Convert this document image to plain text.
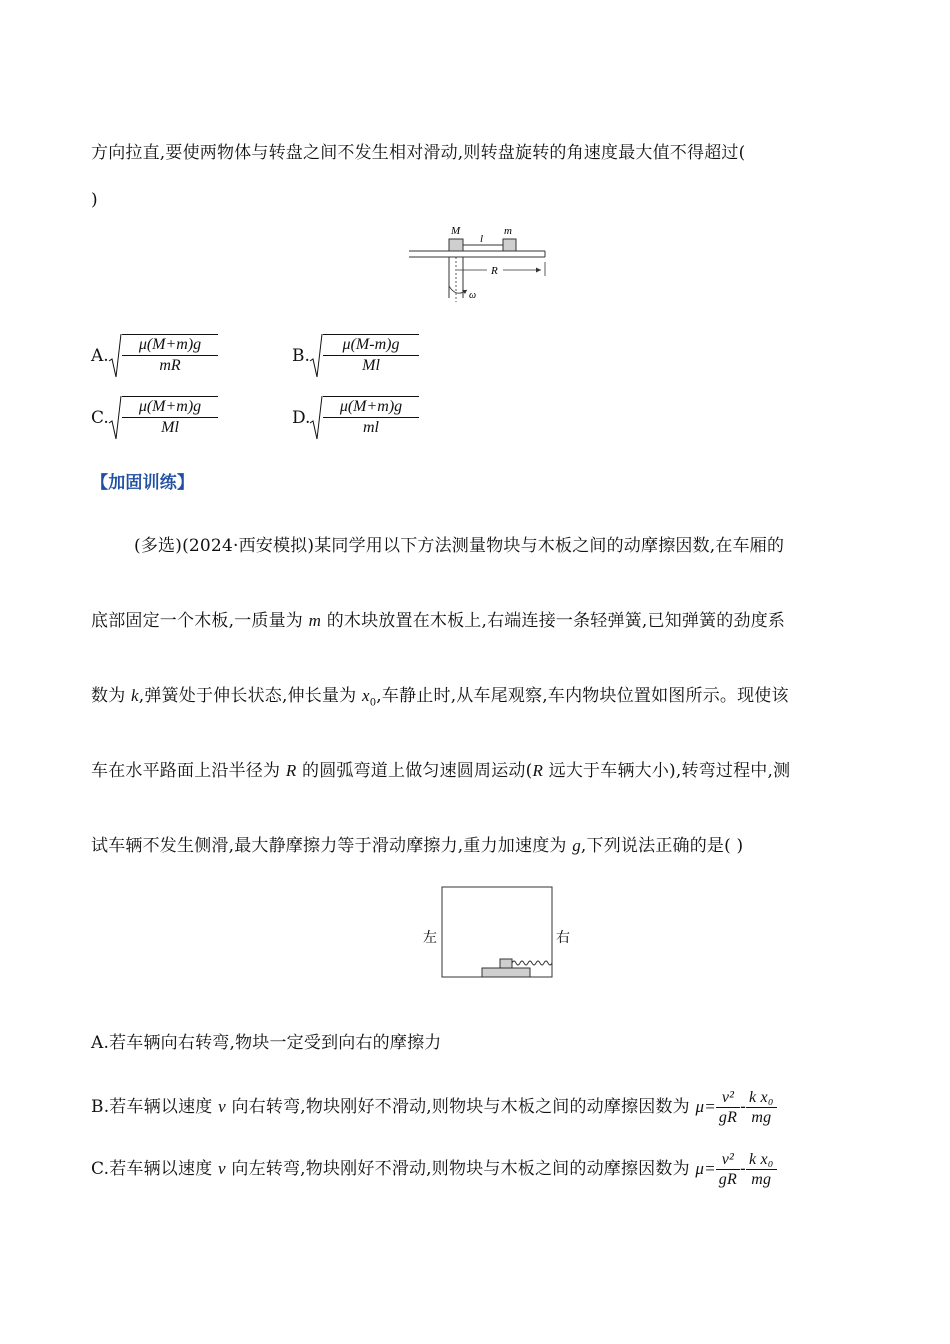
方向拉直,要使两物体与转盘之间不发生相对滑动,则转盘旋转的角速度最大值不得超过(
)
M
l
m
R
ω
A. $\frac{\mu(M+m)g}{mR}$	B. $\frac{\mu(M-m)g}{Ml}$
C. $\frac{\mu(M+m)g}{Ml}$	D. $\frac{\mu(M+m)g}{ml}$
【加固训练】
(多选)(2024·西安模拟)某同学用以下方法测量物块与木板之间的动摩擦因数,在车厢的
底部固定一个木板,一质量为 m 的木块放置在木板上,右端连接一条轻弹簧,已知弹簧的劲度系
数为 k,弹簧处于伸长状态,伸长量为 $x_0$,车静止时,从车尾观察,车内物块位置如图所示。现使该
车在水平路面上沿半径为 R 的圆弧弯道上做匀速圆周运动(R 远大于车辆大小),转弯过程中,测
试车辆不发生侧滑,最大静摩擦力等于滑动摩擦力,重力加速度为 g,下列说法正确的是( )
左	右
A.若车辆向右转弯,物块一定受到向右的摩擦力
B.若车辆以速度 v 向右转弯,物块刚好不滑动,则物块与木板之间的动摩擦因数为 $\mu= \frac{\text{v²}}{gR} - \frac{\text{k x₀}}{mg}$
C.若车辆以速度 v 向左转弯,物块刚好不滑动,则物块与木板之间的动摩擦因数为 $\mu= \frac{\text{v²}}{gR} - \frac{\text{k x₀}}{mg}$
